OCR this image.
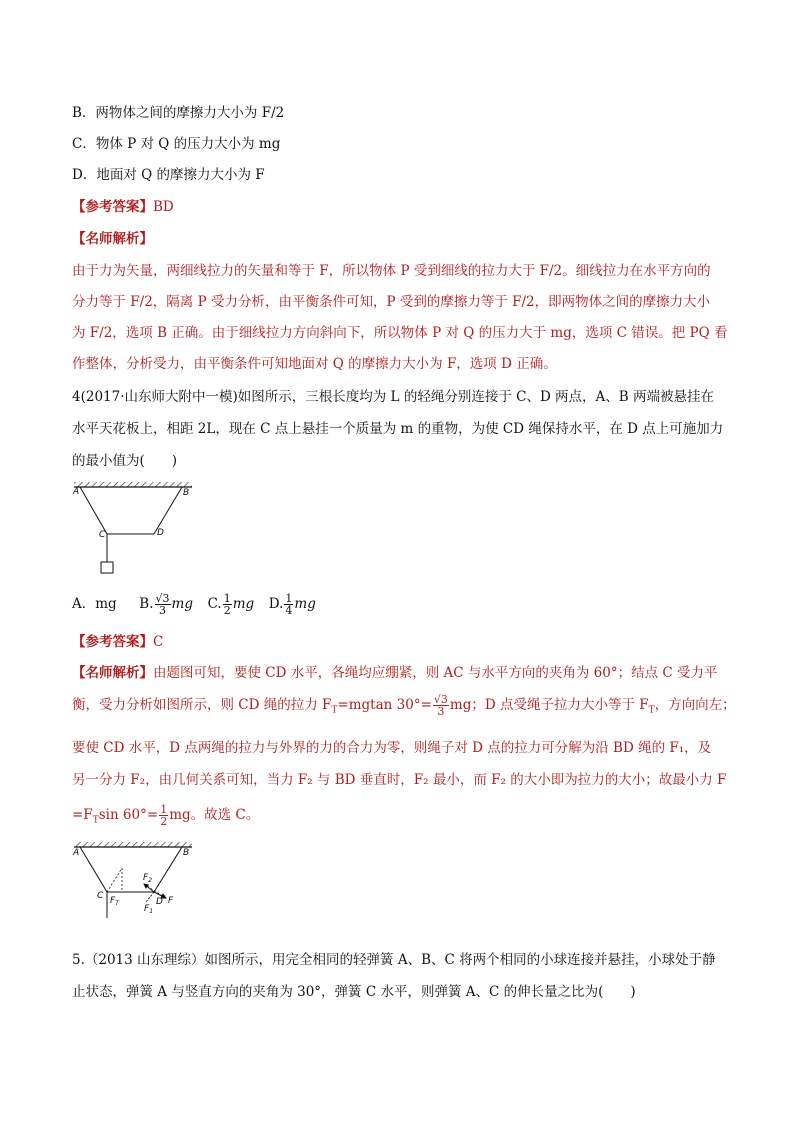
B．两物体之间的摩擦力大小为 F/2
C．物体 P 对 Q 的压力大小为 mg
D．地面对 Q 的摩擦力大小为 F
【参考答案】BD
【名师解析】
由于力为矢量，两细线拉力的矢量和等于 F，所以物体 P 受到细线的拉力大于 F/2。细线拉力在水平方向的
分力等于 F/2，隔离 P 受力分析，由平衡条件可知，P 受到的摩擦力等于 F/2，即两物体之间的摩擦力大小
为 F/2，选项 B 正确。由于细线拉力方向斜向下，所以物体 P 对 Q 的压力大于 mg，选项 C 错误。把 PQ 看
作整体，分析受力，由平衡条件可知地面对 Q 的摩擦力大小为 F，选项 D 正确。
4(2017·山东师大附中一模)如图所示，三根长度均为 L 的轻绳分别连接于 C、D 两点，A、B 两端被悬挂在
水平天花板上，相距 2L，现在 C 点上悬挂一个质量为 m 的重物，为使 CD 绳保持水平，在 D 点上可施加力
的最小值为(　　)
A	B
C	D
A．mg B. $\frac{√3}{3}$ mg C. $\frac{1}{2}$ mg D. $\frac{1}{4}$ mg
【参考答案】C
【名师解析】由题图可知，要使 CD 水平，各绳均应绷紧，则 AC 与水平方向的夹角为 60°；结点 C 受力平
衡，受力分析如图所示，则 CD 绳的拉力 $F_T=mgtan$ $30^\circ= \frac{√3}{3}$ mg；D 点受绳子拉力大小等于 $F_T$，方向向左；
要使 CD 水平，D 点两绳的拉力与外界的力的合力为零，则绳子对 D 点的拉力可分解为沿 BD 绳的 F₁，及
另一分力 F₂，由几何关系可知，当力 F₂ 与 BD 垂直时，F₂ 最小，而 F₂ 的大小即为拉力的大小；故最小力 F
$=F_T\sin$ $60^\circ= \frac{1}{2}$ mg。故选 C。
A	B
C
D
$F_T$
$F_2$
$F_1$
F
5.（2013 山东理综）如图所示，用完全相同的轻弹簧 A、B、C 将两个相同的小球连接并悬挂，小球处于静
止状态，弹簧 A 与竖直方向的夹角为 30°，弹簧 C 水平，则弹簧 A、C 的伸长量之比为(　　)
